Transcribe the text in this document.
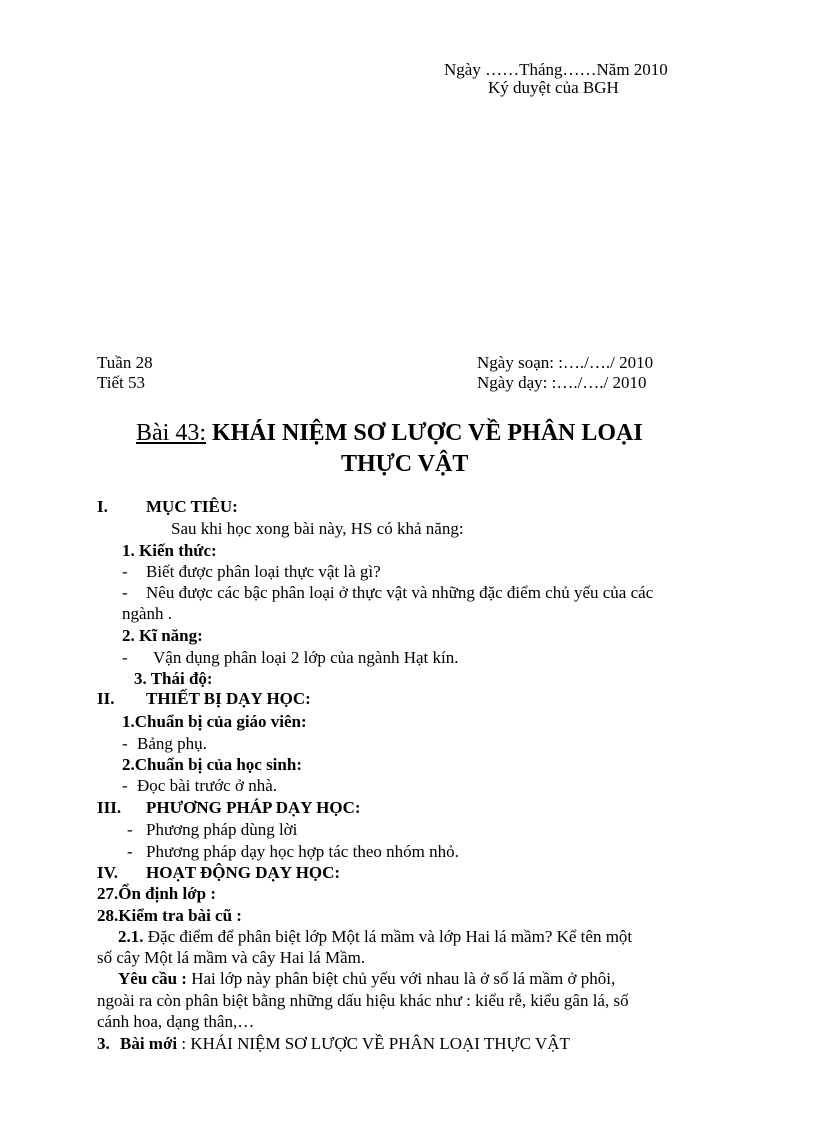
Ngày ……Tháng……Năm 2010
Ký duyệt của BGH
Tuần 28
Tiết 53
Ngày soạn: :…./…./ 2010
Ngày dạy: :…./…./ 2010
Bài 43: KHÁI NIỆM SƠ LƯỢC VỀ PHÂN LOẠI
THỰC VẬT
I. MỤC TIÊU:
Sau khi học xong bài này, HS có khả năng:
1. Kiến thức:
- Biết được phân loại thực vật là gì?
- Nêu được các bậc phân loại ở thực vật và những đặc điểm chủ yếu của các
ngành .
2. Kĩ năng:
- Vận dụng phân loại 2 lớp của ngành Hạt kín.
3. Thái độ:
II. THIẾT BỊ DẠY HỌC:
1.Chuẩn bị của giáo viên:
- Bảng phụ.
2.Chuẩn bị của học sinh:
- Đọc bài trước ở nhà.
III. PHƯƠNG PHÁP DẠY HỌC:
- Phương pháp dùng lời
- Phương pháp dạy học hợp tác theo nhóm nhỏ.
IV. HOẠT ĐỘNG DẠY HỌC:
27.Ổn định lớp :
28.Kiểm tra bài cũ :
2.1. Đặc điểm để phân biệt lớp Một lá mầm và lớp Hai lá mầm? Kể tên một
số cây Một lá mầm và cây Hai lá Mầm.
Yêu cầu : Hai lớp này phân biệt chủ yếu với nhau là ở số lá mầm ở phôi,
ngoài ra còn phân biệt bằng những dấu hiệu khác như : kiểu rễ, kiểu gân lá, số
cánh hoa, dạng thân,…
3. Bài mới : KHÁI NIỆM SƠ LƯỢC VỀ PHÂN LOẠI THỰC VẬT
